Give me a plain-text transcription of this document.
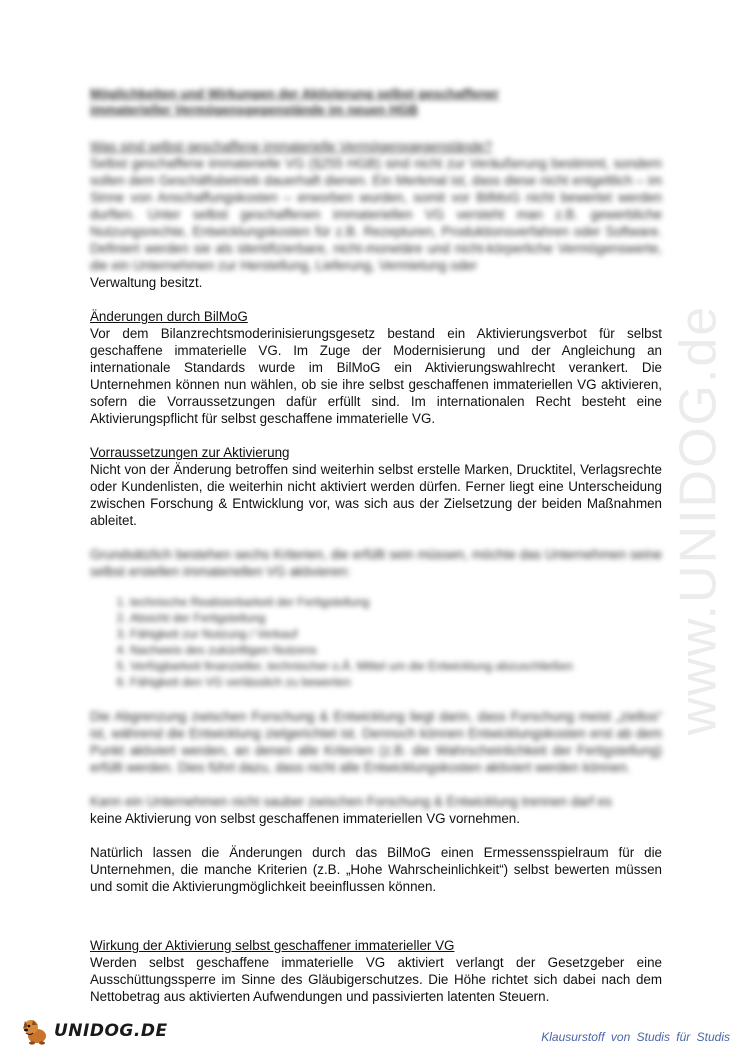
www.UNIDOG.de
Möglichkeiten und Wirkungen der Aktivierung selbst geschaffener
immaterieller Vermögensgegenstände im neuen HGB
Was sind selbst geschaffene immaterielle Vermögensgegenstände?

Selbst geschaffene immaterielle VG (§255 HGB) sind nicht zur Veräußerung bestimmt, sondern sollen dem Geschäftsbetrieb dauerhaft dienen. Ein Merkmal ist, dass diese nicht entgeltlich – im Sinne von Anschaffungskosten – erworben wurden, somit vor BilMoG nicht bewertet werden durften. Unter selbst geschaffenen immateriellen VG versteht man z.B. gewerbliche Nutzungsrechte, Entwicklungskosten für z.B. Rezepturen, Produktionsverfahren oder Software. Definiert werden sie als identifizierbare, nicht-monetäre und nicht-körperliche Vermögenswerte, die ein Unternehmen zur Herstellung, Lieferung, Vermietung oder

Verwaltung besitzt.

Änderungen durch BilMoG

Vor dem Bilanzrechtsmoderinisierungsgesetz bestand ein Aktivierungsverbot für selbst geschaffene immaterielle VG. Im Zuge der Modernisierung und der Angleichung an internationale Standards wurde im BilMoG ein Aktivierungswahlrecht verankert. Die Unternehmen können nun wählen, ob sie ihre selbst geschaffenen immateriellen VG aktivieren, sofern die Vorraussetzungen dafür erfüllt sind. Im internationalen Recht besteht eine Aktivierungspflicht für selbst geschaffene immaterielle VG.

Vorraussetzungen zur Aktivierung

Nicht von der Änderung betroffen sind weiterhin selbst erstelle Marken, Drucktitel, Verlagsrechte oder Kundenlisten, die weiterhin nicht aktiviert werden dürfen. Ferner liegt eine Unterscheidung zwischen Forschung & Entwicklung vor, was sich aus der Zielsetzung der beiden Maßnahmen ableitet.

Grundsätzlich bestehen sechs Kriterien, die erfüllt sein müssen, möchte das Unternehmen seine selbst erstellen immateriellen VG aktivieren:

1. technische Realisierbarkeit der Fertigstellung
2. Absicht der Fertigstellung
3. Fähigkeit zur Nutzung / Verkauf
4. Nachweis des zukünftigen Nutzens
5. Verfügbarkeit finanzieller, technischer o.Ä. Mittel um die Entwicklung abzuschließen
6. Fähigkeit den VG verlässlich zu bewerten

Die Abgrenzung zwischen Forschung & Entwicklung liegt darin, dass Forschung meist „ziellos“ ist, während die Entwicklung zielgerichtet ist. Dennoch können Entwicklungskosten erst ab dem Punkt aktiviert werden, an denen alle Kriterien (z.B. die Wahrscheinlichkeit der Fertigstellung) erfüllt werden. Dies führt dazu, dass nicht alle Entwicklungskosten aktiviert werden können.

Kann ein Unternehmen nicht sauber zwischen Forschung & Entwicklung trennen darf es

keine Aktivierung von selbst geschaffenen immateriellen VG vornehmen.

Natürlich lassen die Änderungen durch das BilMoG einen Ermessensspielraum für die Unternehmen, die manche Kriterien (z.B. „Hohe Wahrscheinlichkeit“) selbst bewerten müssen und somit die Aktivierungmöglichkeit beeinflussen können.

Wirkung der Aktivierung selbst geschaffener immaterieller VG

Werden selbst geschaffene immaterielle VG aktiviert verlangt der Gesetzgeber eine Ausschüttungssperre im Sinne des Gläubigerschutzes. Die Höhe richtet sich dabei nach dem Nettobetrag aus aktivierten Aufwendungen und passivierten latenten Steuern.

UNIDOG.DE	Klausurstoff von Studis für Studis
